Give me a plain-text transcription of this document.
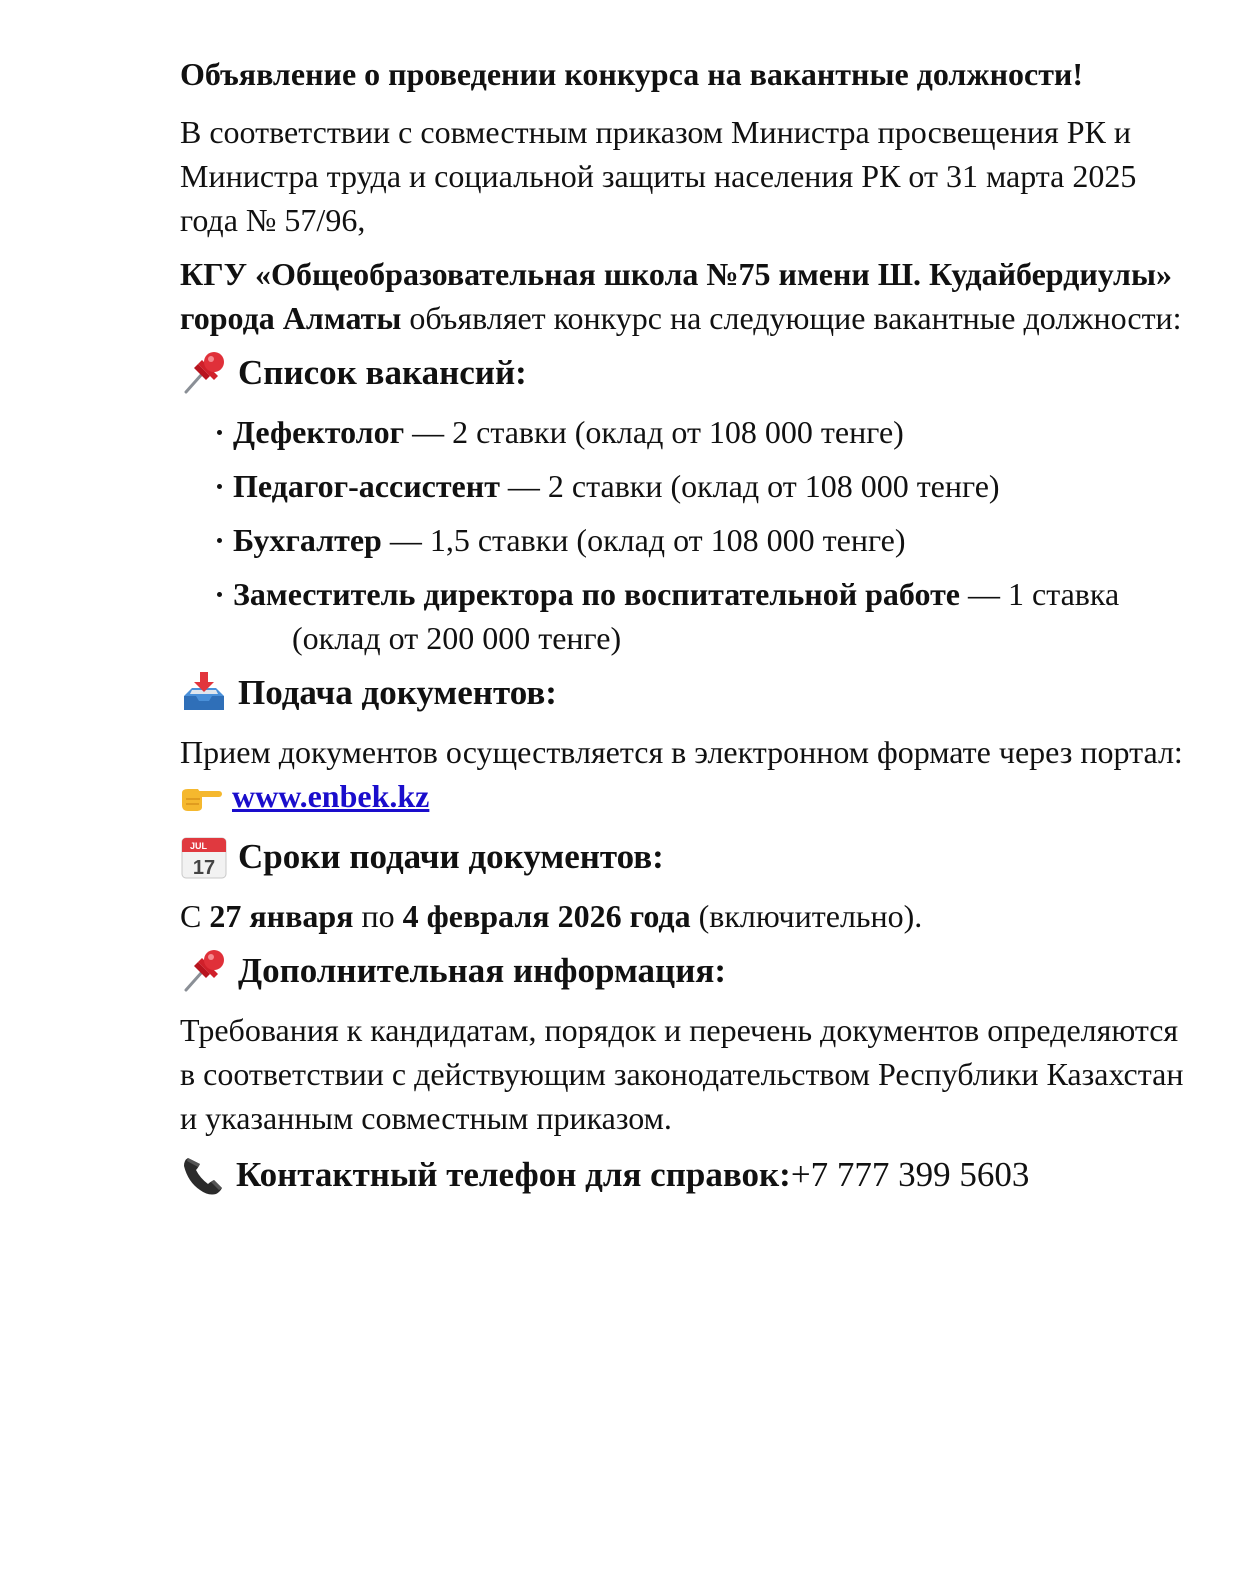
Объявление о проведении конкурса на вакантные должности!

В соответствии с совместным приказом Министра просвещения РК и Министра труда и социальной защиты населения РК от 31 марта 2025 года № 57/96,

КГУ «Общеобразовательная школа №75 имени Ш. Кудайбердиулы» города Алматы объявляет конкурс на следующие вакантные должности:

Список вакансий:
Дефектолог — 2 ставки (оклад от 108 000 тенге)
Педагог-ассистент — 2 ставки (оклад от 108 000 тенге)
Бухгалтер — 1,5 ставки (оклад от 108 000 тенге)
Заместитель директора по воспитательной работе — 1 ставка (оклад от 200 000 тенге)
Подача документов:

Прием документов осуществляется в электронном формате через портал:  www.enbek.kz

JUL
17 Сроки подачи документов:

С 27 января по 4 февраля 2026 года (включительно).

Дополнительная информация:

Требования к кандидатам, порядок и перечень документов определяются в соответствии с действующим законодательством Республики Казахстан и указанным совместным приказом.

Контактный телефон для справок: +7 777 399 5603
